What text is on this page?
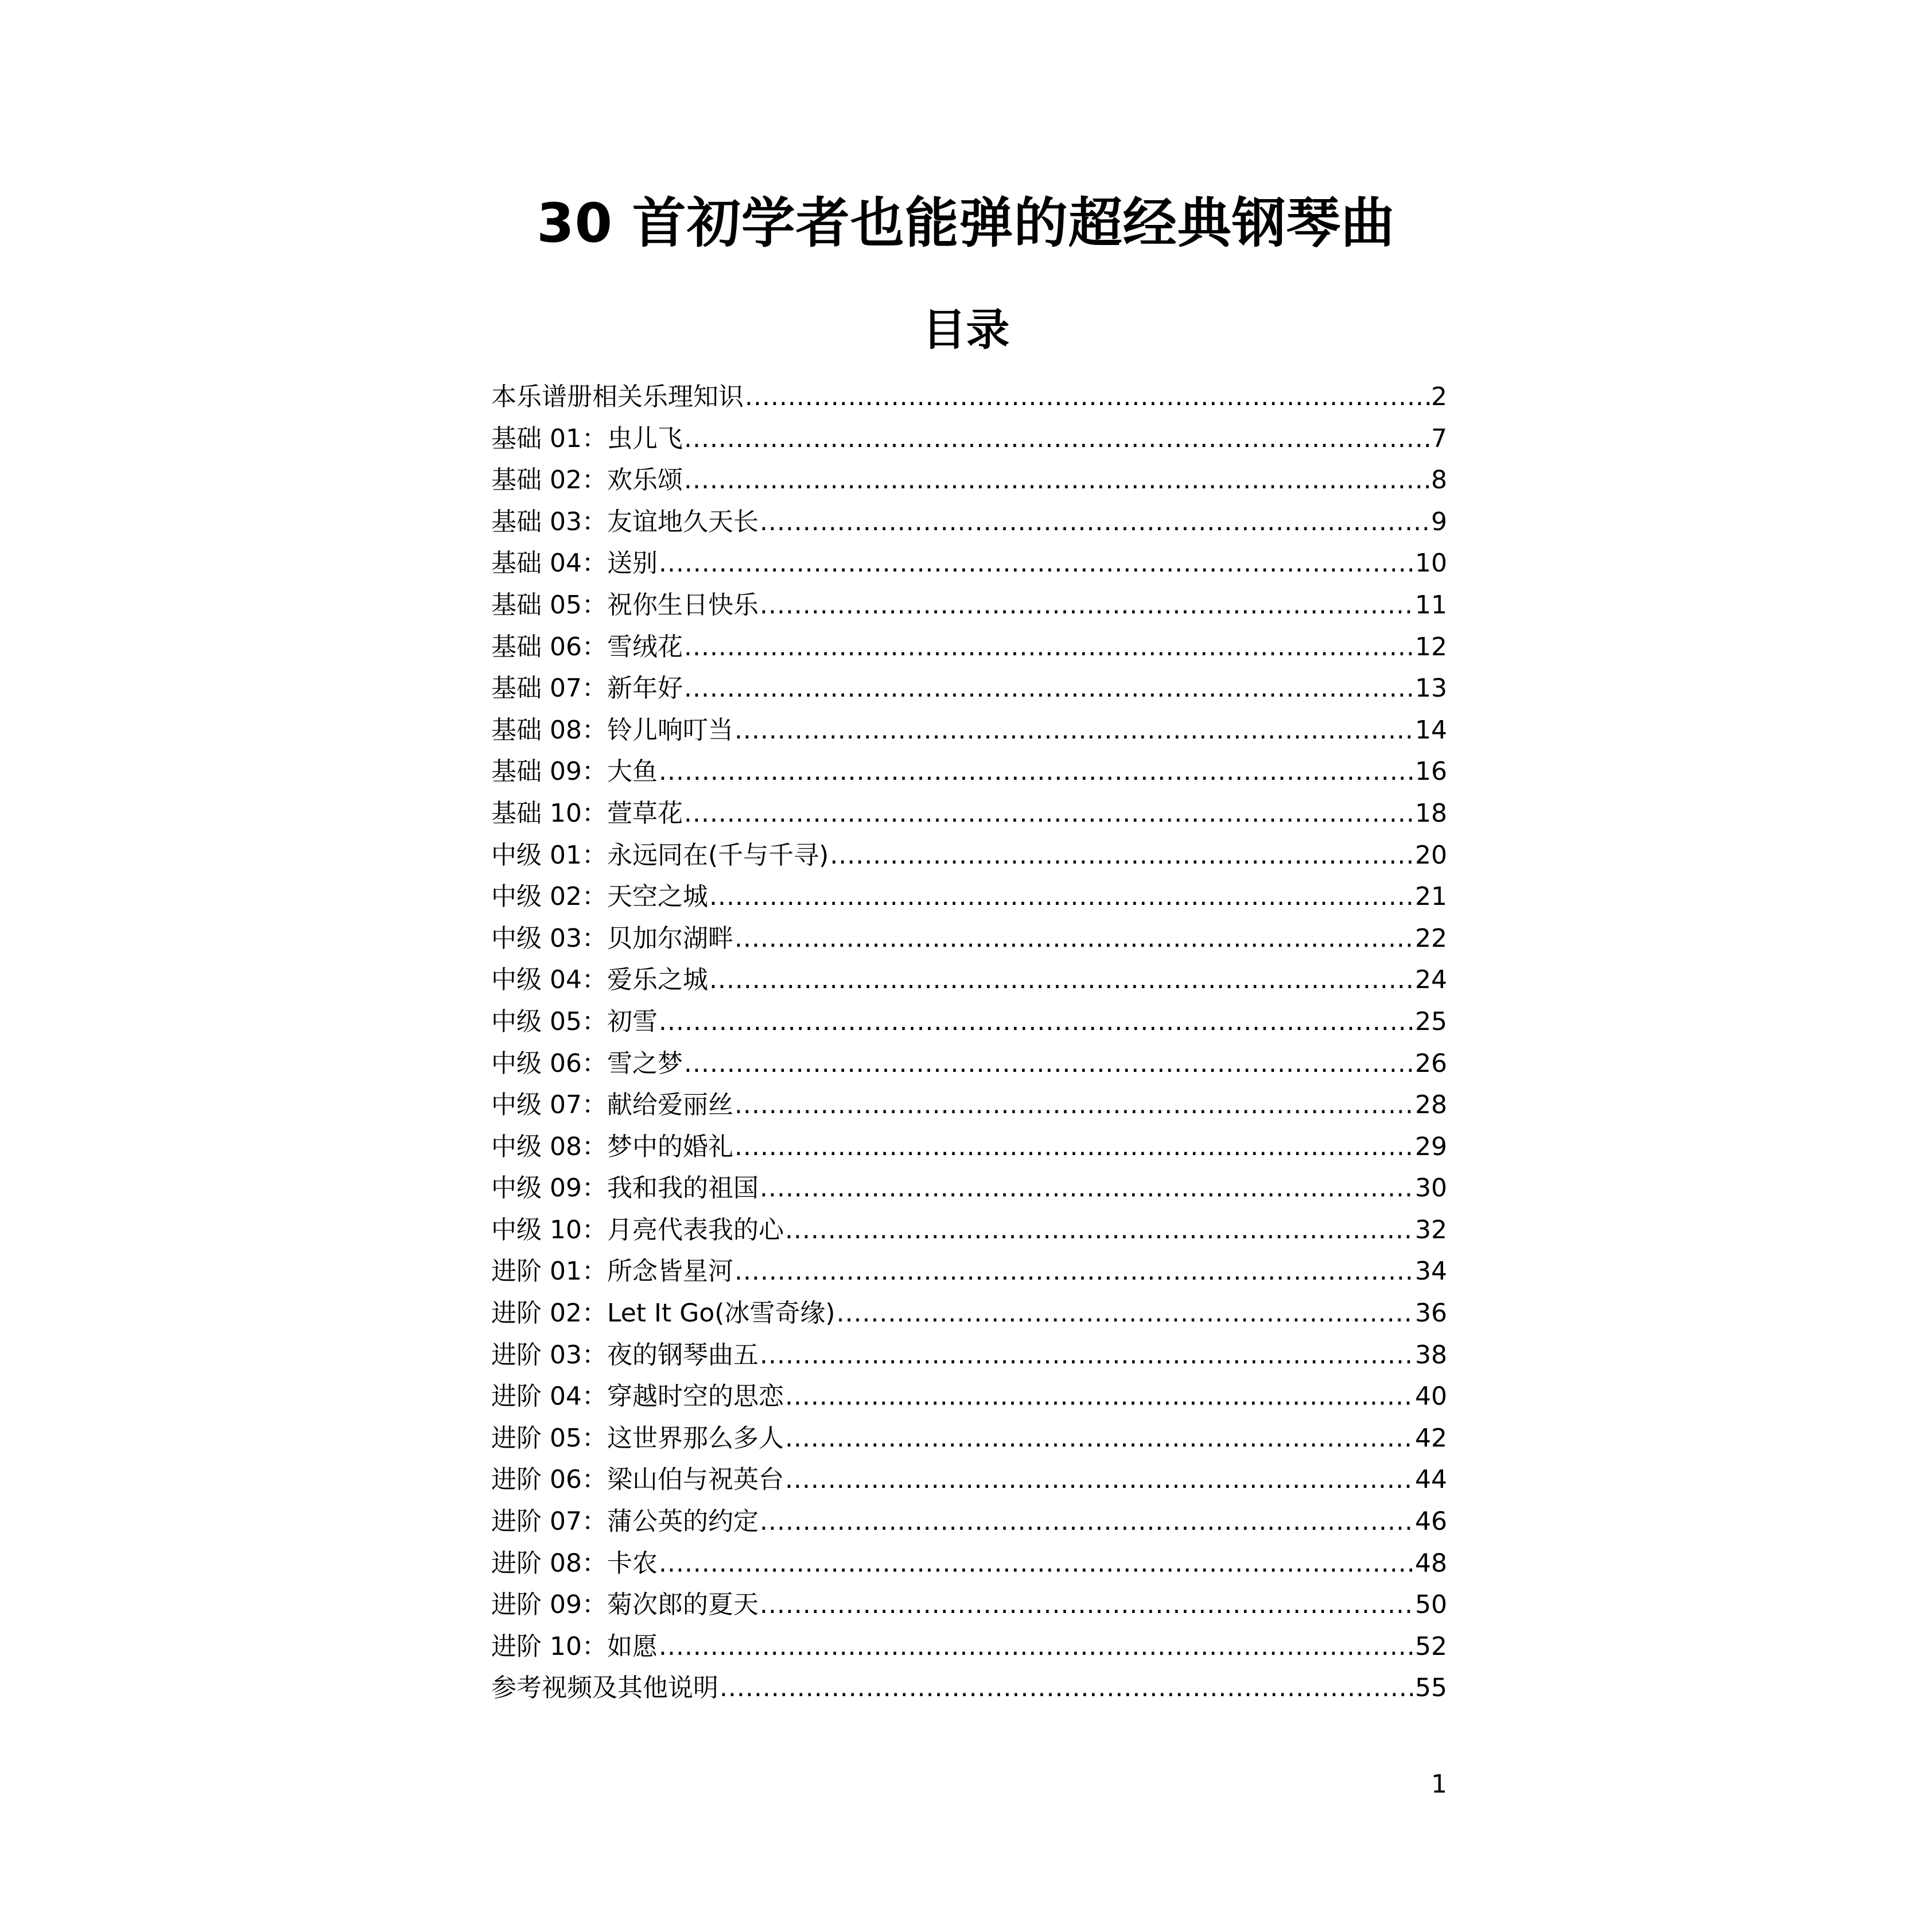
30 首初学者也能弹的超经典钢琴曲
目录
本乐谱册相关乐理知识 .....	2
基础 01：虫儿飞 .....	7
基础 02：欢乐颂 .....	8
基础 03：友谊地久天长 .....	9
基础 04：送别 .....	10
基础 05：祝你生日快乐 .....	11
基础 06：雪绒花 .....	12
基础 07：新年好 .....	13
基础 08：铃儿响叮当 .....	14
基础 09：大鱼 .....	16
基础 10：萱草花 .....	18
中级 01：永远同在(千与千寻) .....	20
中级 02：天空之城 .....	21
中级 03：贝加尔湖畔 .....	22
中级 04：爱乐之城 .....	24
中级 05：初雪 .....	25
中级 06：雪之梦 .....	26
中级 07：献给爱丽丝 .....	28
中级 08：梦中的婚礼 .....	29
中级 09：我和我的祖国 .....	30
中级 10：月亮代表我的心 .....	32
进阶 01：所念皆星河 .....	34
进阶 02：Let It Go(冰雪奇缘) .....	36
进阶 03：夜的钢琴曲五 .....	38
进阶 04：穿越时空的思恋 .....	40
进阶 05：这世界那么多人 .....	42
进阶 06：梁山伯与祝英台 .....	44
进阶 07：蒲公英的约定 .....	46
进阶 08：卡农 .....	48
进阶 09：菊次郎的夏天 .....	50
进阶 10：如愿 .....	52
参考视频及其他说明 .....	55
1
